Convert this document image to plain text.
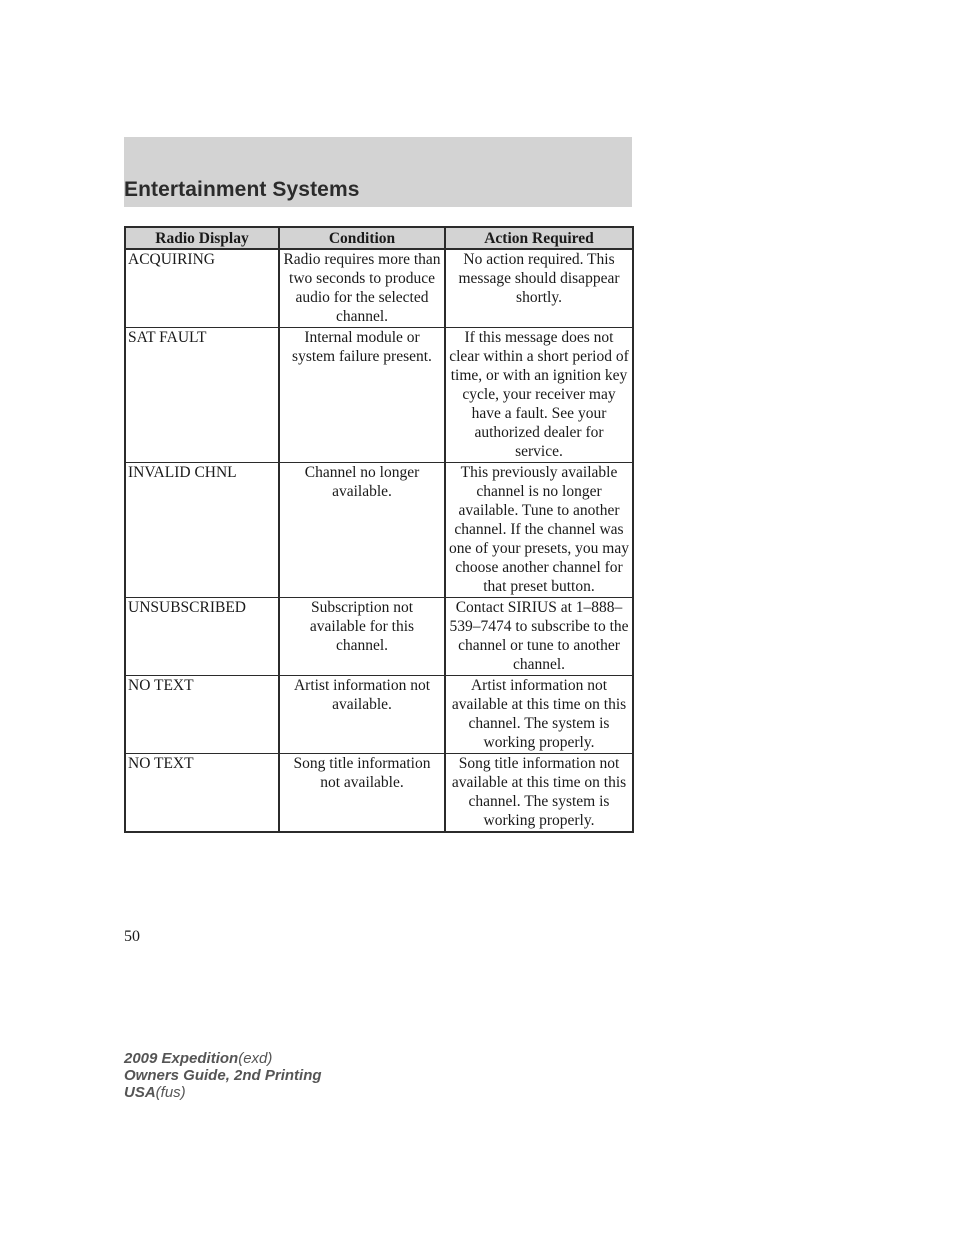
Entertainment Systems
Radio Display	Condition	Action Required
ACQUIRING	Radio requires more than two seconds to produce audio for the selected channel.	No action required. This message should disappear shortly.
SAT FAULT	Internal module or system failure present.	If this message does not clear within a short period of time, or with an ignition key cycle, your receiver may have a fault. See your authorized dealer for service.
INVALID CHNL	Channel no longer available.	This previously available channel is no longer available. Tune to another channel. If the channel was one of your presets, you may choose another channel for that preset button.
UNSUBSCRIBED	Subscription not available for this channel.	Contact SIRIUS at 1–888–539–7474 to subscribe to the channel or tune to another channel.
NO TEXT	Artist information not available.	Artist information not available at this time on this channel. The system is working properly.
NO TEXT	Song title information not available.	Song title information not available at this time on this channel. The system is working properly.
50
2009 Expedition(exd)
Owners Guide, 2nd Printing
USA(fus)
